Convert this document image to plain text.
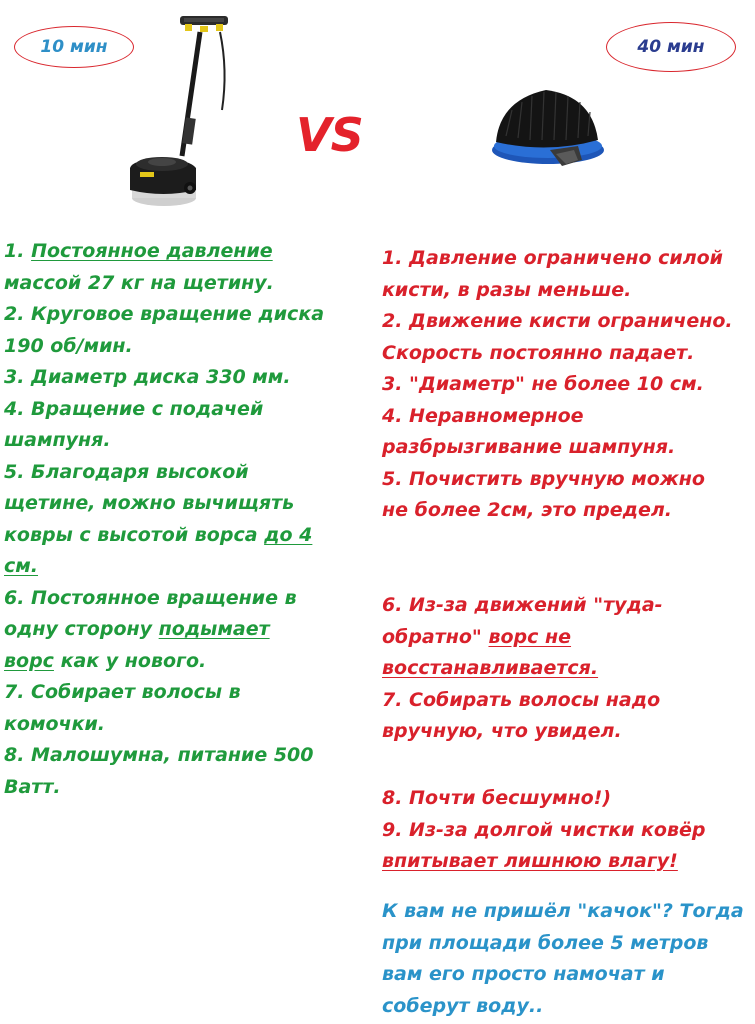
10 мин	40 мин
VS
1. Постоянное давление
массой 27 кг на щетину.
2. Круговое вращение диска
190 об/мин.
3. Диаметр диска 330 мм.
4. Вращение с подачей
шампуня.
5. Благодаря высокой
щетине, можно вычищять
ковры с высотой ворса до 4
см.
6. Постоянное вращение в
одну сторону подымает
ворс как у нового.
7. Собирает волосы в
комочки.
8. Малошумна, питание 500
Ватт.
1. Давление ограничено силой
кисти, в разы меньше.
2. Движение кисти ограничено.
Скорость постоянно падает.
3. "Диаметр" не более 10 см.
4. Неравномерное
разбрызгивание шампуня.
5. Почистить вручную можно
не более 2см, это предел.
6. Из-за движений "туда-
обратно" ворс не
восстанавливается.
7. Собирать волосы надо
вручную, что увидел.
8. Почти бесшумно!)
9. Из-за долгой чистки ковёр
впитывает лишнюю влагу!
К вам не пришёл "качок"? Тогда
при площади более 5 метров
вам его просто намочат и
соберут воду..
